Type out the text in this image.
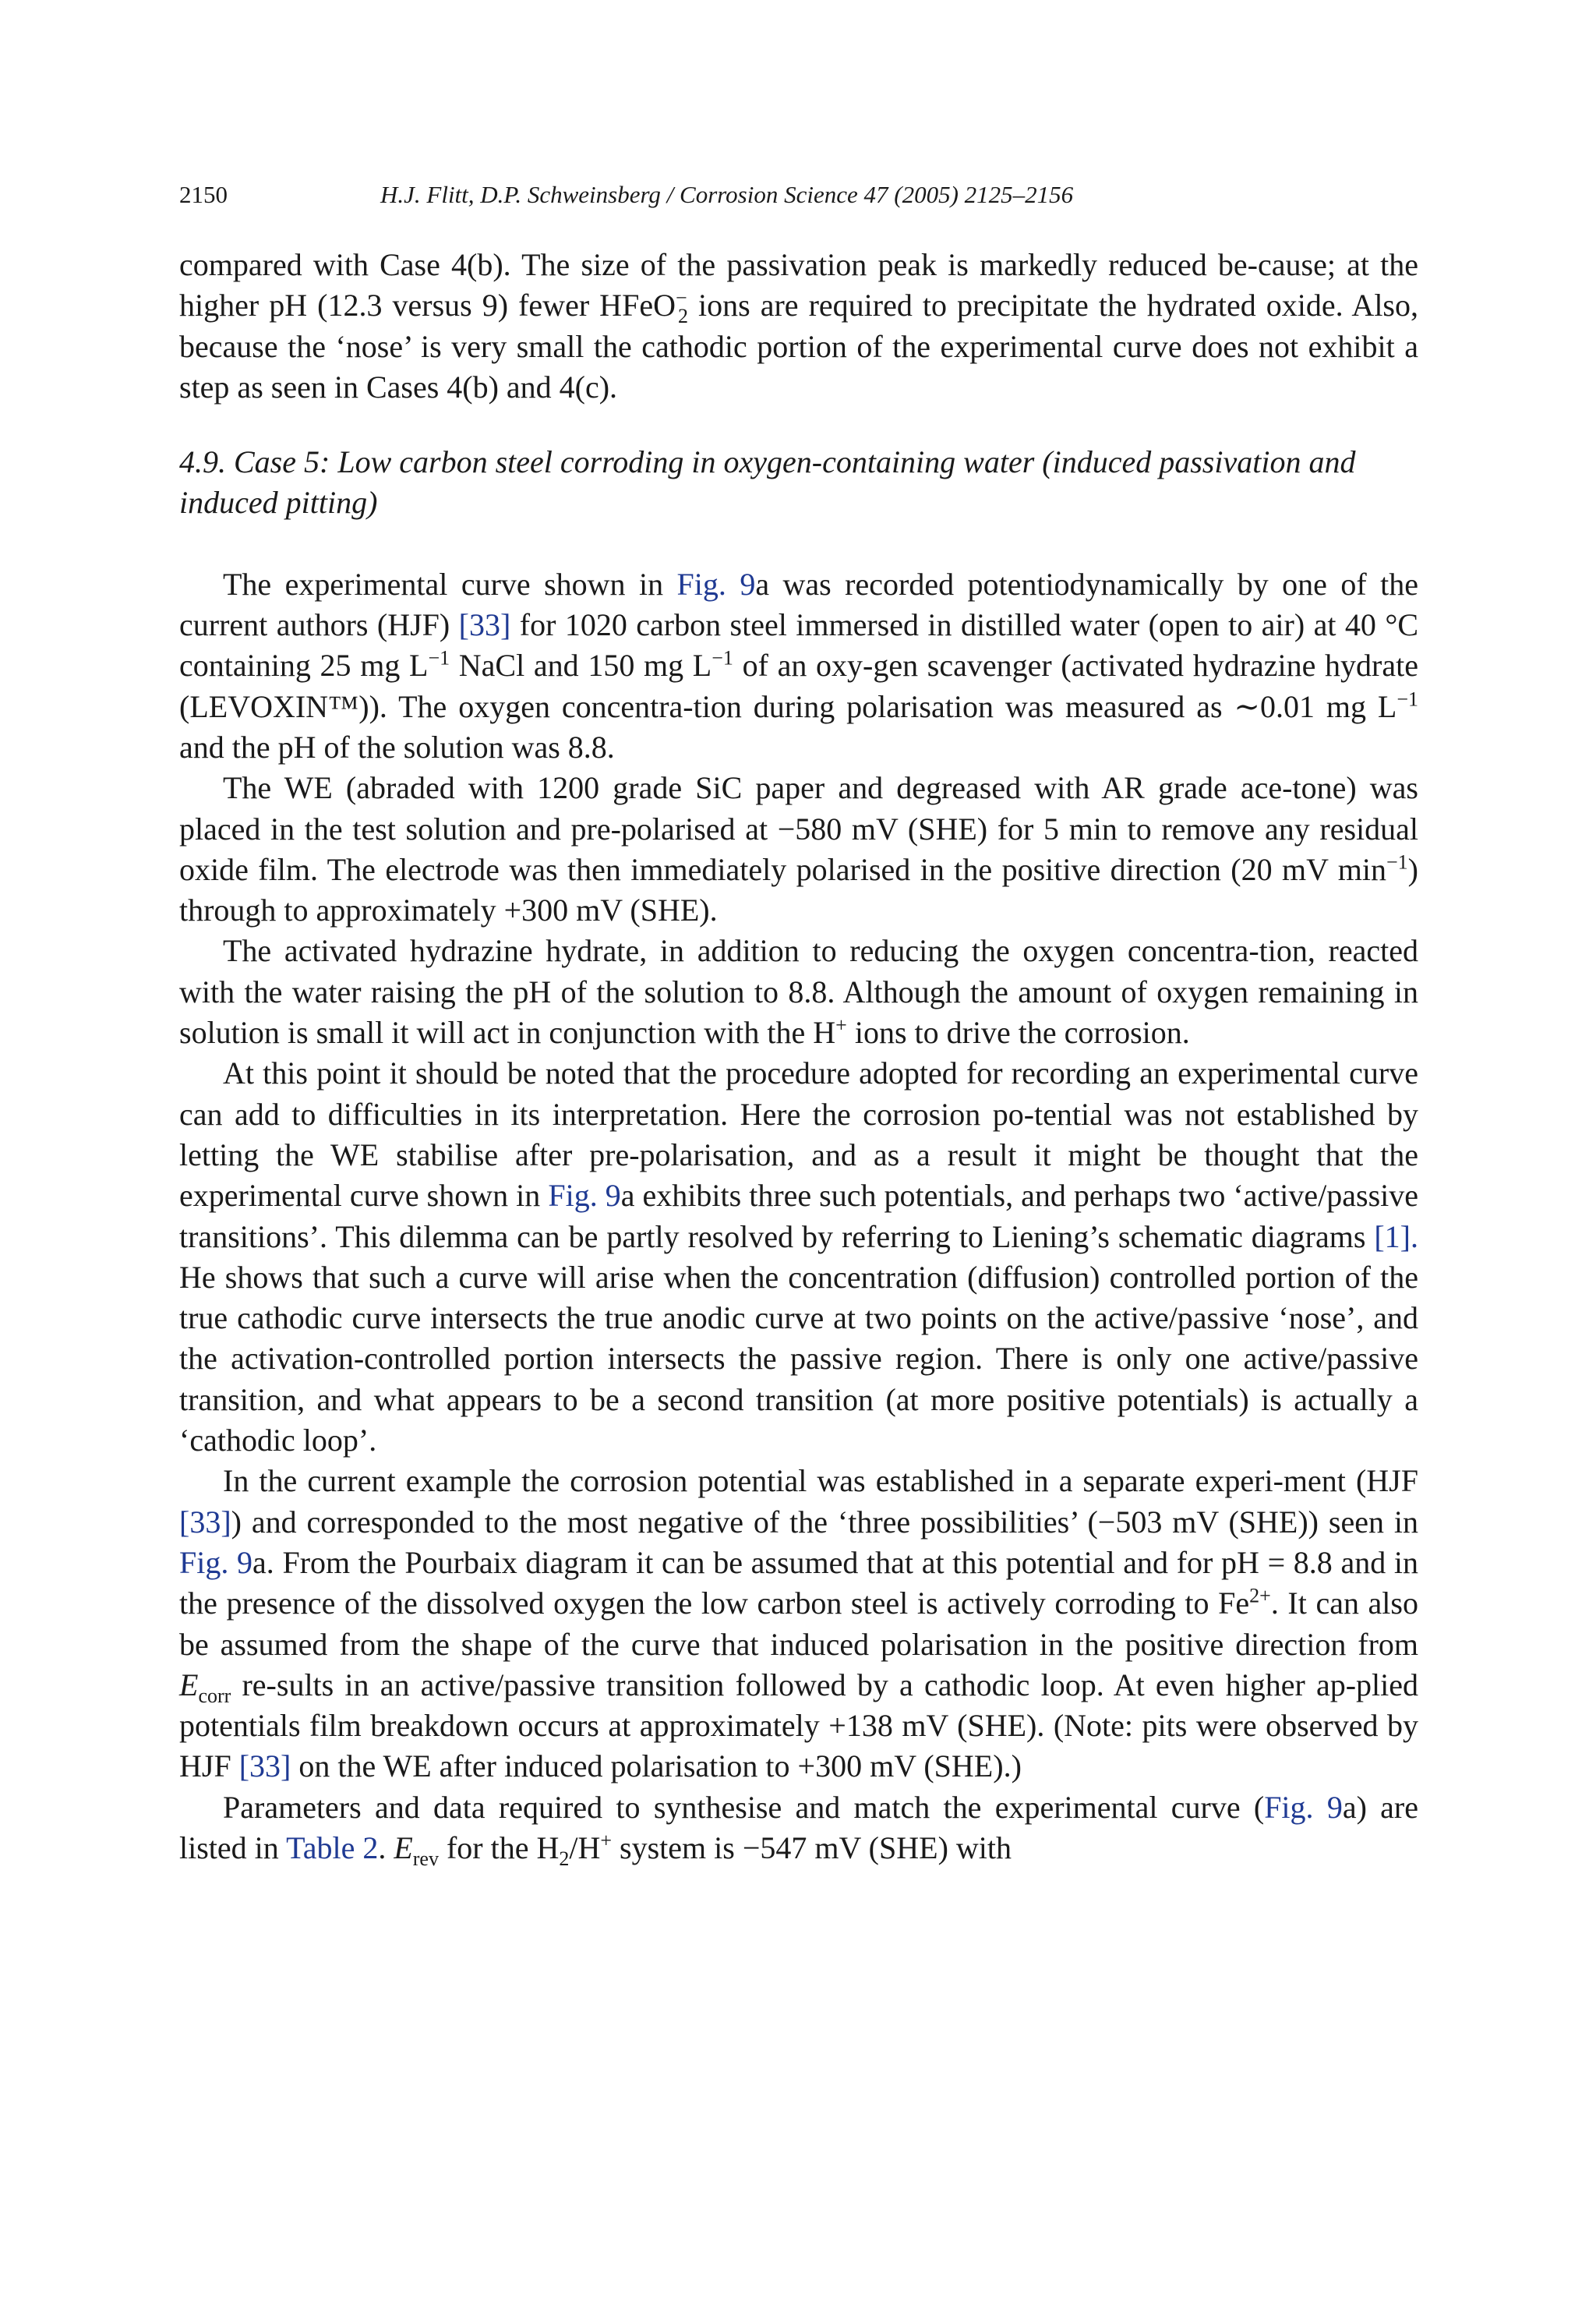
2150	H.J. Flitt, D.P. Schweinsberg / Corrosion Science 47 (2005) 2125–2156

compared with Case 4(b). The size of the passivation peak is markedly reduced be-cause; at the higher pH (12.3 versus 9) fewer HFeO−$_2$ ions are required to precipitate the hydrated oxide. Also, because the ‘nose’ is very small the cathodic portion of the experimental curve does not exhibit a step as seen in Cases 4(b) and 4(c).

4.9. Case 5: Low carbon steel corroding in oxygen-containing water (induced passivation and induced pitting)

The experimental curve shown in Fig. 9a was recorded potentiodynamically by one of the current authors (HJF) [33] for 1020 carbon steel immersed in distilled water (open to air) at 40 °C containing 25 mg $L^{-1}$ NaCl and 150 mg $L^{-1}$ of an oxy-gen scavenger (activated hydrazine hydrate (LEVOXIN™)). The oxygen concentra-tion during polarisation was measured as ∼0.01 mg $L^{-1}$ and the pH of the solution was 8.8.

The WE (abraded with 1200 grade SiC paper and degreased with AR grade ace-tone) was placed in the test solution and pre-polarised at −580 mV (SHE) for 5 min to remove any residual oxide film. The electrode was then immediately polarised in the positive direction (20 mV $\min^{-1}$) through to approximately +300 mV (SHE).

The activated hydrazine hydrate, in addition to reducing the oxygen concentra-tion, reacted with the water raising the pH of the solution to 8.8. Although the amount of oxygen remaining in solution is small it will act in conjunction with the H+ ions to drive the corrosion.

At this point it should be noted that the procedure adopted for recording an experimental curve can add to difficulties in its interpretation. Here the corrosion po-tential was not established by letting the WE stabilise after pre-polarisation, and as a result it might be thought that the experimental curve shown in Fig. 9a exhibits three such potentials, and perhaps two ‘active/passive transitions’. This dilemma can be partly resolved by referring to Liening’s schematic diagrams [1]. He shows that such a curve will arise when the concentration (diffusion) controlled portion of the true cathodic curve intersects the true anodic curve at two points on the active/passive ‘nose’, and the activation-controlled portion intersects the passive region. There is only one active/passive transition, and what appears to be a second transition (at more positive potentials) is actually a ‘cathodic loop’.

In the current example the corrosion potential was established in a separate experi-ment (HJF [33]) and corresponded to the most negative of the ‘three possibilities’ (−503 mV (SHE)) seen in Fig. 9a. From the Pourbaix diagram it can be assumed that at this potential and for pH = 8.8 and in the presence of the dissolved oxygen the low carbon steel is actively corroding to $Fe^{2+}$. It can also be assumed from the shape of the curve that induced polarisation in the positive direction from $E_{corr}$ re-sults in an active/passive transition followed by a cathodic loop. At even higher ap-plied potentials film breakdown occurs at approximately +138 mV (SHE). (Note: pits were observed by HJF [33] on the WE after induced polarisation to +300 mV (SHE).)

Parameters and data required to synthesise and match the experimental curve (Fig. 9a) are listed in Table 2. $E_{rev}$ for the $H_2/H^+$ system is −547 mV (SHE) with
